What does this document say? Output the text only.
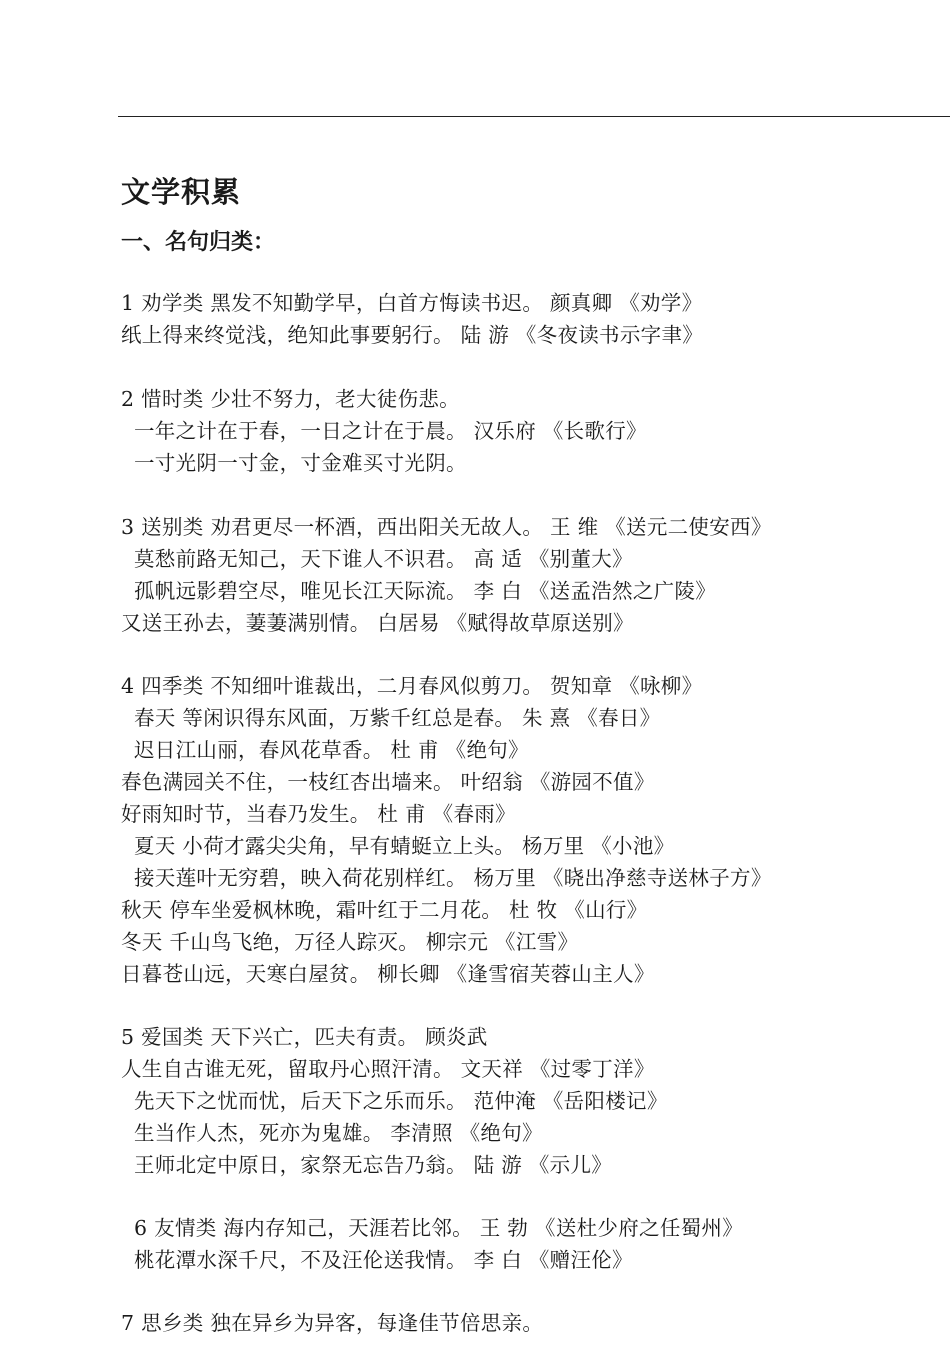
文学积累
一、名句归类：
1 劝学类 黑发不知勤学早，白首方悔读书迟。 颜真卿 《劝学》
纸上得来终觉浅，绝知此事要躬行。 陆 游 《冬夜读书示字聿》
2 惜时类 少壮不努力，老大徒伤悲。
一年之计在于春，一日之计在于晨。 汉乐府 《长歌行》
一寸光阴一寸金，寸金难买寸光阴。
3 送别类 劝君更尽一杯酒，西出阳关无故人。 王 维 《送元二使安西》
莫愁前路无知己，天下谁人不识君。 高 适 《别董大》
孤帆远影碧空尽，唯见长江天际流。 李 白 《送孟浩然之广陵》
又送王孙去，萋萋满别情。 白居易 《赋得故草原送别》
4 四季类 不知细叶谁裁出，二月春风似剪刀。 贺知章 《咏柳》
春天 等闲识得东风面，万紫千红总是春。 朱 熹 《春日》
迟日江山丽，春风花草香。 杜 甫 《绝句》
春色满园关不住，一枝红杏出墙来。 叶绍翁 《游园不值》
好雨知时节，当春乃发生。 杜 甫 《春雨》
夏天 小荷才露尖尖角，早有蜻蜓立上头。 杨万里 《小池》
接天莲叶无穷碧，映入荷花别样红。 杨万里 《晓出净慈寺送林子方》
秋天 停车坐爱枫林晚，霜叶红于二月花。 杜 牧 《山行》
冬天 千山鸟飞绝，万径人踪灭。 柳宗元 《江雪》
日暮苍山远，天寒白屋贫。 柳长卿 《逢雪宿芙蓉山主人》
5 爱国类 天下兴亡，匹夫有责。 顾炎武
人生自古谁无死，留取丹心照汗清。 文天祥 《过零丁洋》
先天下之忧而忧，后天下之乐而乐。 范仲淹 《岳阳楼记》
生当作人杰，死亦为鬼雄。 李清照 《绝句》
王师北定中原日，家祭无忘告乃翁。 陆 游 《示儿》
6 友情类 海内存知己，天涯若比邻。 王 勃 《送杜少府之任蜀州》
桃花潭水深千尺，不及汪伦送我情。 李 白 《赠汪伦》
7 思乡类 独在异乡为异客，每逢佳节倍思亲。
